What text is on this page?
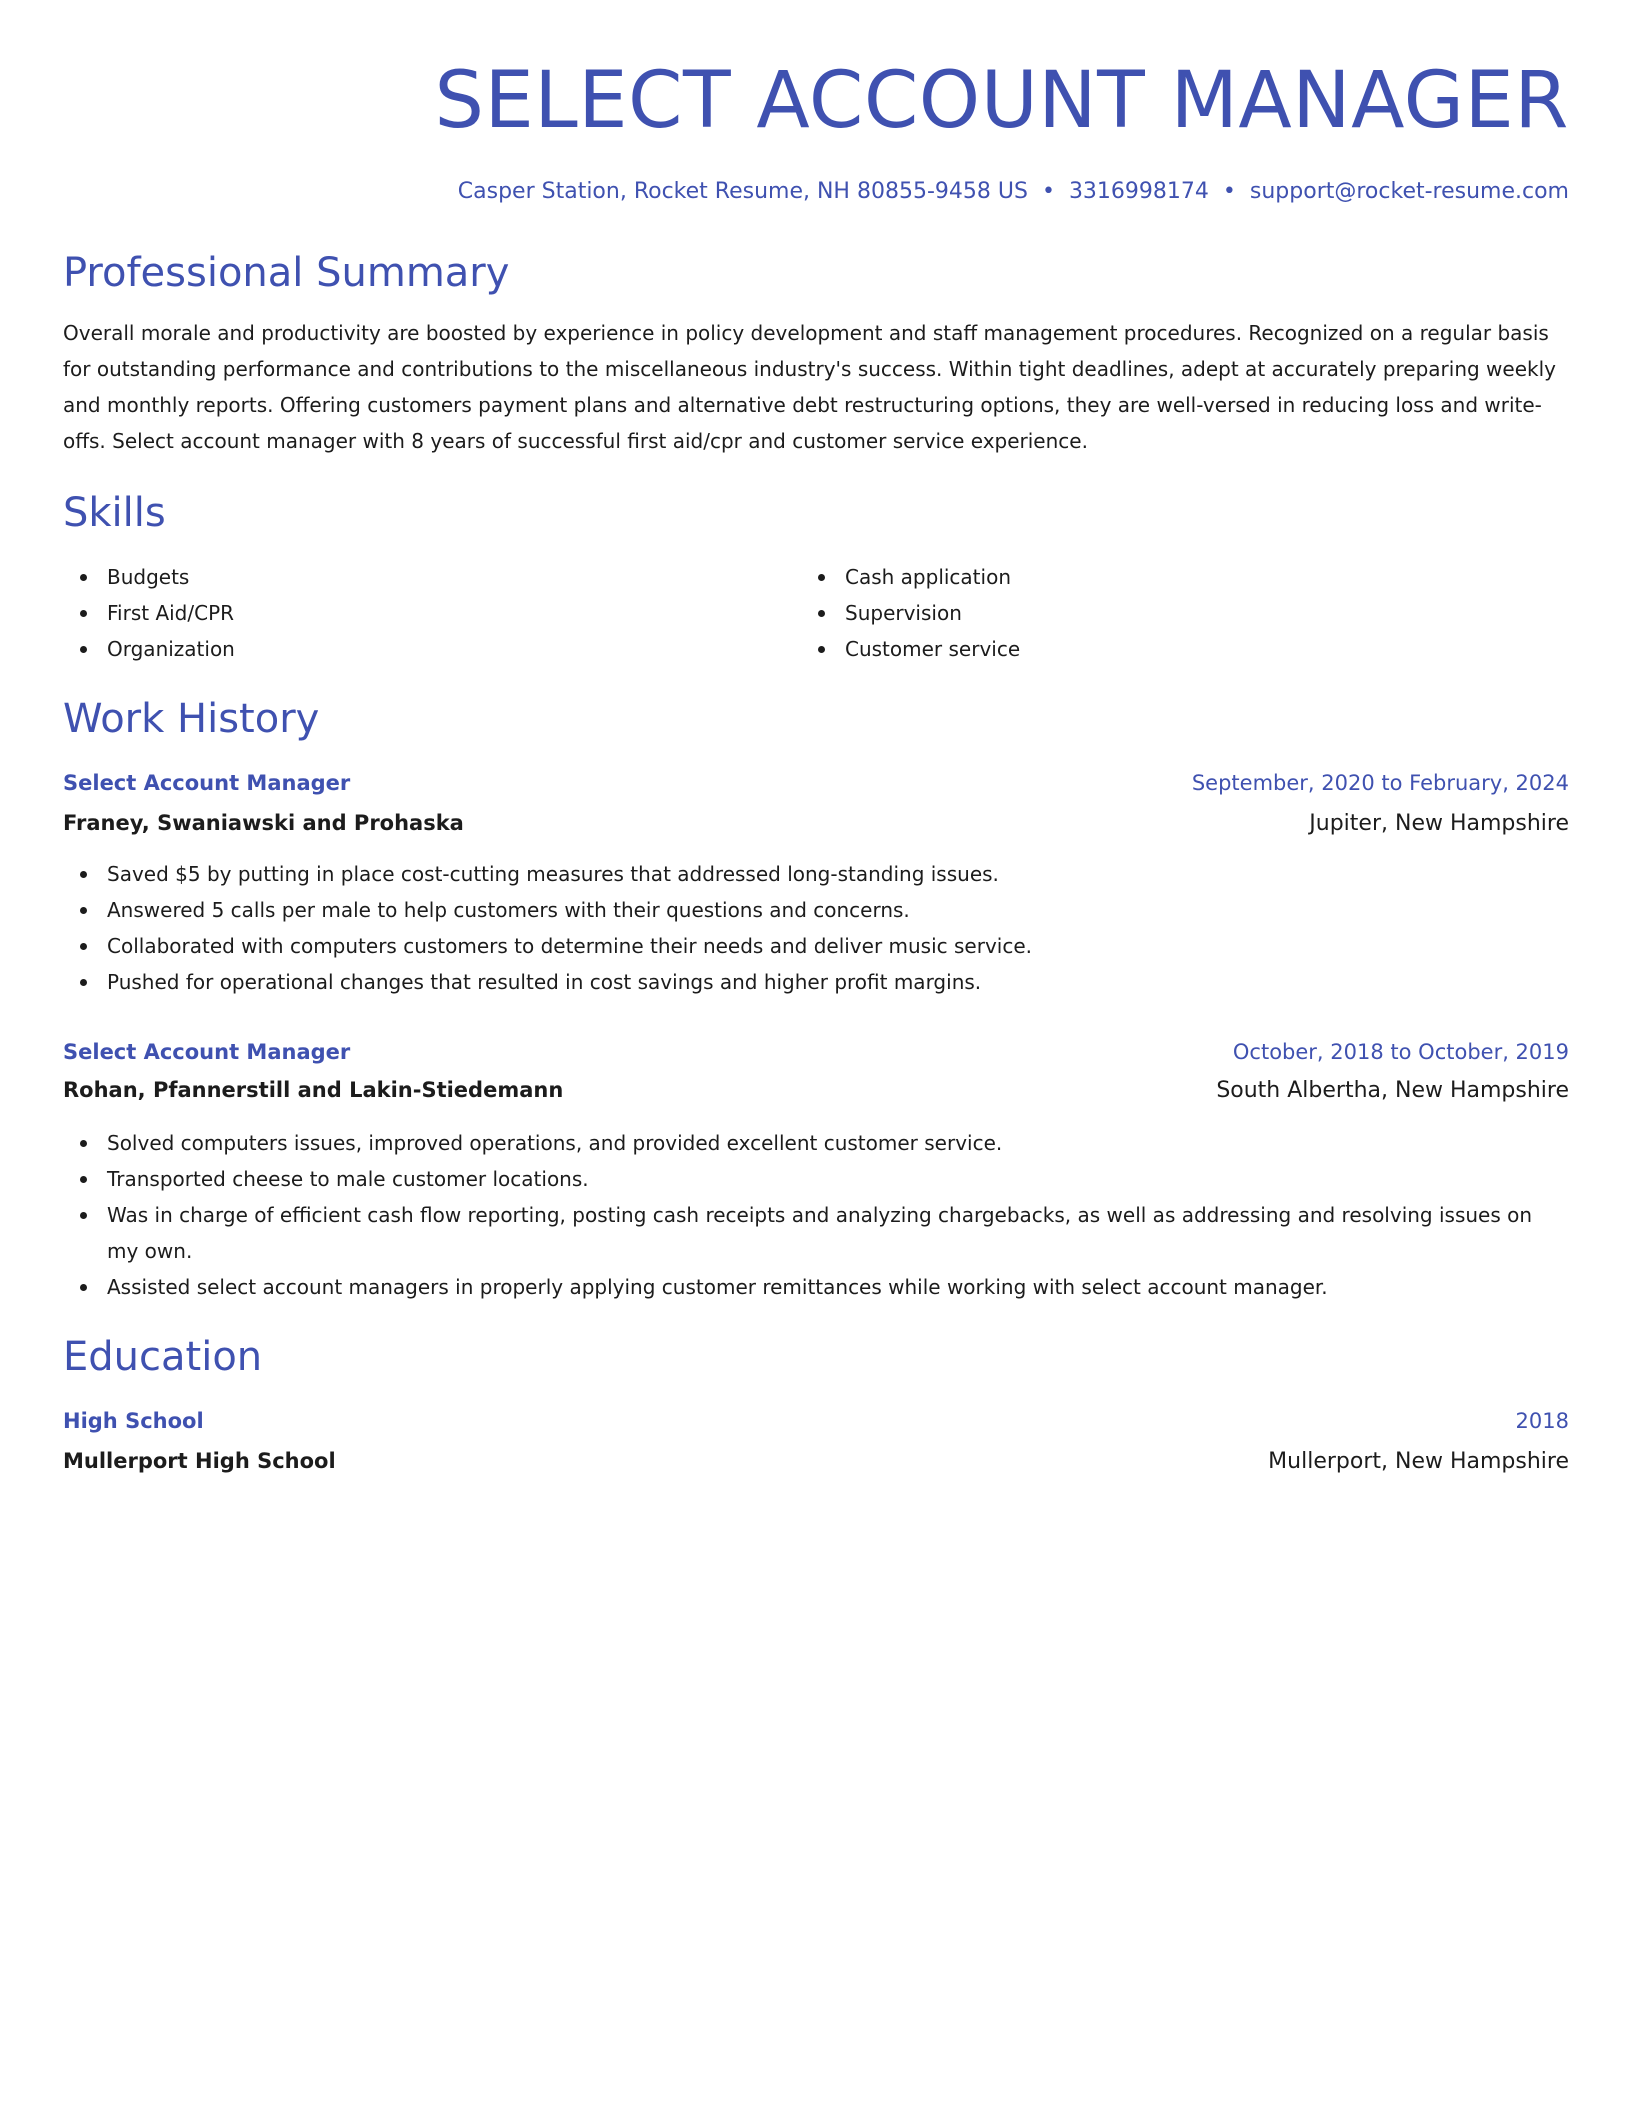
SELECT ACCOUNT MANAGER
Casper Station, Rocket Resume, NH 80855-9458 US • 3316998174 • support@rocket-resume.com
Professional Summary

Overall morale and productivity are boosted by experience in policy development and staff management procedures. Recognized on a regular basis for outstanding performance and contributions to the miscellaneous industry's success. Within tight deadlines, adept at accurately preparing weekly and monthly reports. Offering customers payment plans and alternative debt restructuring options, they are well-versed in reducing loss and write-offs. Select account manager with 8 years of successful first aid/cpr and customer service experience.

Skills
Budgets
First Aid/CPR
Organization
Cash application
Supervision
Customer service
Work History
Select Account Manager	September, 2020 to February, 2024
Franey, Swaniawski and Prohaska	Jupiter, New Hampshire
Saved $5 by putting in place cost-cutting measures that addressed long-standing issues.
Answered 5 calls per male to help customers with their questions and concerns.
Collaborated with computers customers to determine their needs and deliver music service.
Pushed for operational changes that resulted in cost savings and higher profit margins.
Select Account Manager	October, 2018 to October, 2019
Rohan, Pfannerstill and Lakin-Stiedemann	South Albertha, New Hampshire
Solved computers issues, improved operations, and provided excellent customer service.
Transported cheese to male customer locations.
Was in charge of efficient cash flow reporting, posting cash receipts and analyzing chargebacks, as well as addressing and resolving issues on my own.
Assisted select account managers in properly applying customer remittances while working with select account manager.
Education
High School	2018
Mullerport High School	Mullerport, New Hampshire
